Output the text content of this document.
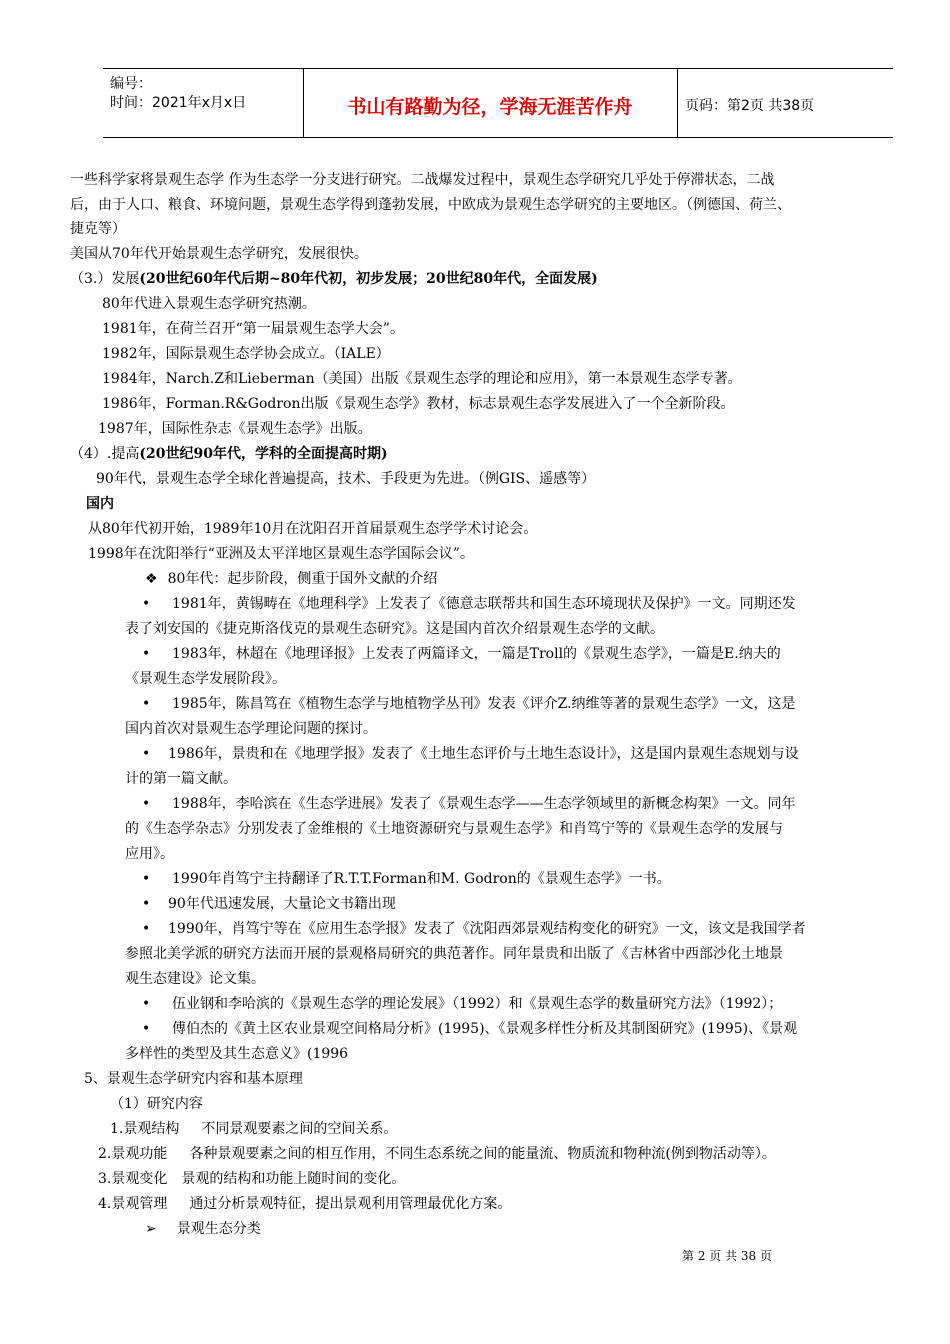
编号：
时间：2021年x月x日	书山有路勤为径，学海无涯苦作舟	页码：第2页 共38页
一些科学家将景观生态学 作为生态学一分支进行研究。二战爆发过程中，景观生态学研究几乎处于停滞状态，二战
后，由于人口、粮食、环境问题，景观生态学得到蓬勃发展，中欧成为景观生态学研究的主要地区。（例德国、荷兰、
捷克等）
美国从70年代开始景观生态学研究，发展很快。
（3.）发展(20世纪60年代后期~80年代初，初步发展；20世纪80年代，全面发展)
80年代进入景观生态学研究热潮。
1981年，在荷兰召开“第一届景观生态学大会”。
1982年，国际景观生态学协会成立。（IALE）
1984年，Narch.Z和Lieberman（美国）出版《景观生态学的理论和应用》，第一本景观生态学专著。
1986年，Forman.R&Godron出版《景观生态学》教材，标志景观生态学发展进入了一个全新阶段。
1987年，国际性杂志《景观生态学》出版。
（4）.提高(20世纪90年代，学科的全面提高时期)
90年代，景观生态学全球化普遍提高，技术、手段更为先进。（例GIS、遥感等）
国内
从80年代初开始，1989年10月在沈阳召开首届景观生态学学术讨论会。
1998年在沈阳举行“亚洲及太平洋地区景观生态学国际会议”。
❖ 80年代：起步阶段，侧重于国外文献的介绍
• 1981年，黄锡畴在《地理科学》上发表了《德意志联帮共和国生态环境现状及保护》一文。同期还发
表了刘安国的《捷克斯洛伐克的景观生态研究》。这是国内首次介绍景观生态学的文献。
• 1983年，林超在《地理译报》上发表了两篇译文，一篇是Troll的《景观生态学》，一篇是E.纳夫的
《景观生态学发展阶段》。
• 1985年，陈昌笃在《植物生态学与地植物学丛刊》发表《评介Z.纳维等著的景观生态学》一文，这是
国内首次对景观生态学理论问题的探讨。
• 1986年，景贵和在《地理学报》发表了《土地生态评价与土地生态设计》，这是国内景观生态规划与设
计的第一篇文献。
• 1988年，李哈滨在《生态学进展》发表了《景观生态学——生态学领域里的新概念构架》一文。同年
的《生态学杂志》分别发表了金维根的《土地资源研究与景观生态学》和肖笃宁等的《景观生态学的发展与
应用》。
• 1990年肖笃宁主持翻译了R.T.T.Forman和M. Godron的《景观生态学》一书。
• 90年代迅速发展，大量论文书籍出现
• 1990年，肖笃宁等在《应用生态学报》发表了《沈阳西郊景观结构变化的研究》一文，该文是我国学者
参照北美学派的研究方法而开展的景观格局研究的典范著作。同年景贵和出版了《吉林省中西部沙化土地景
观生态建设》论文集。
• 伍业钢和李哈滨的《景观生态学的理论发展》（1992）和《景观生态学的数量研究方法》（1992）；
• 傅伯杰的《黄土区农业景观空间格局分析》(1995)、《景观多样性分析及其制图研究》(1995)、《景观
多样性的类型及其生态意义》(1996
5、景观生态学研究内容和基本原理
（1）研究内容
1.景观结构 不同景观要素之间的空间关系。
2.景观功能 各种景观要素之间的相互作用，不同生态系统之间的能量流、物质流和物种流(例到物活动等）。
3.景观变化 景观的结构和功能上随时间的变化。
4.景观管理 通过分析景观特征，提出景观利用管理最优化方案。
➢ 景观生态分类
第 2 页 共 38 页
